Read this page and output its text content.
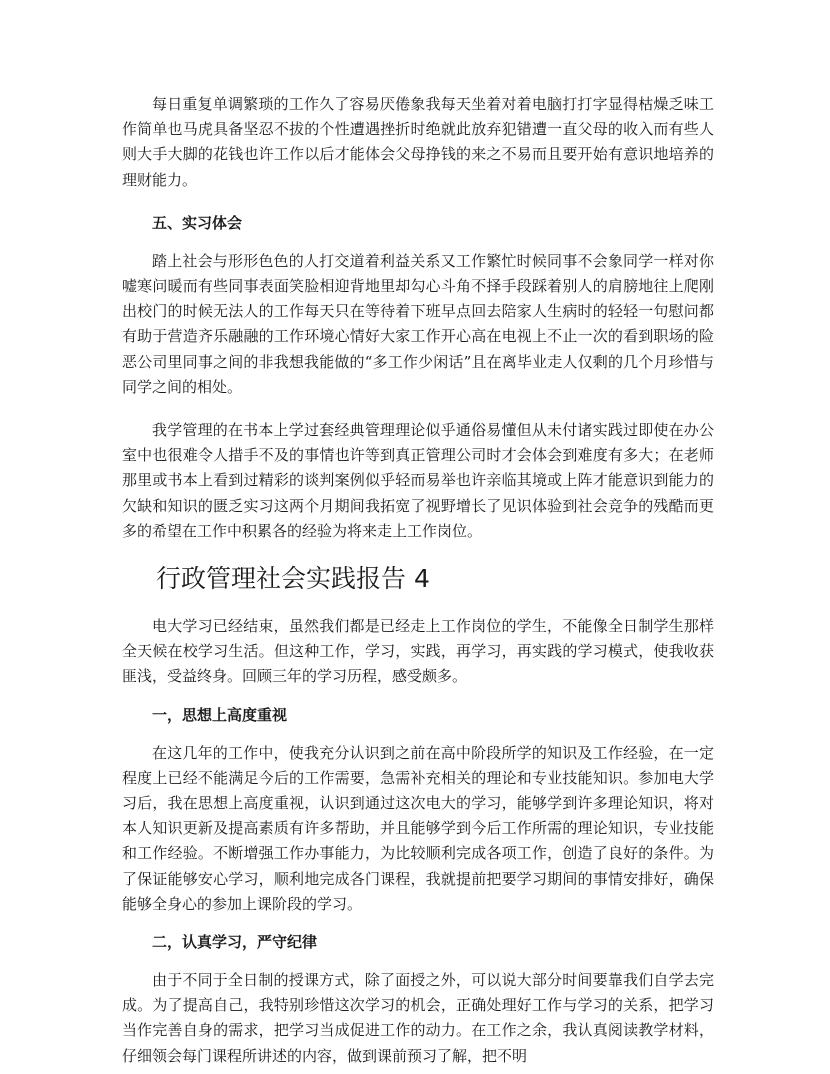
每日重复单调繁琐的工作久了容易厌倦象我每天坐着对着电脑打打字显得枯燥乏味工作简单也马虎具备坚忍不拔的个性遭遇挫折时绝就此放弃犯错遭一直父母的收入而有些人则大手大脚的花钱也许工作以后才能体会父母挣钱的来之不易而且要开始有意识地培养的理财能力。

五、实习体会

踏上社会与形形色色的人打交道着利益关系又工作繁忙时候同事不会象同学一样对你嘘寒问暖而有些同事表面笑脸相迎背地里却勾心斗角不择手段踩着别人的肩膀地往上爬刚出校门的时候无法人的工作每天只在等待着下班早点回去陪家人生病时的轻轻一句慰问都有助于营造齐乐融融的工作环境心情好大家工作开心高在电视上不止一次的看到职场的险恶公司里同事之间的非我想我能做的“多工作少闲话”且在离毕业走人仅剩的几个月珍惜与同学之间的相处。

我学管理的在书本上学过套经典管理理论似乎通俗易懂但从未付诸实践过即使在办公室中也很难令人措手不及的事情也许等到真正管理公司时才会体会到难度有多大；在老师那里或书本上看到过精彩的谈判案例似乎轻而易举也许亲临其境或上阵才能意识到能力的欠缺和知识的匮乏实习这两个月期间我拓宽了视野增长了见识体验到社会竞争的残酷而更多的希望在工作中积累各的经验为将来走上工作岗位。

行政管理社会实践报告 4

电大学习已经结束，虽然我们都是已经走上工作岗位的学生，不能像全日制学生那样全天候在校学习生活。但这种工作，学习，实践，再学习，再实践的学习模式，使我收获匪浅，受益终身。回顾三年的学习历程，感受颇多。

一，思想上高度重视

在这几年的工作中，使我充分认识到之前在高中阶段所学的知识及工作经验，在一定程度上已经不能满足今后的工作需要，急需补充相关的理论和专业技能知识。参加电大学习后，我在思想上高度重视，认识到通过这次电大的学习，能够学到许多理论知识，将对本人知识更新及提高素质有许多帮助，并且能够学到今后工作所需的理论知识，专业技能和工作经验。不断增强工作办事能力，为比较顺利完成各项工作，创造了良好的条件。为了保证能够安心学习，顺利地完成各门课程，我就提前把要学习期间的事情安排好，确保能够全身心的参加上课阶段的学习。

二，认真学习，严守纪律

由于不同于全日制的授课方式，除了面授之外，可以说大部分时间要靠我们自学去完成。为了提高自己，我特别珍惜这次学习的机会，正确处理好工作与学习的关系，把学习当作完善自身的需求，把学习当成促进工作的动力。在工作之余，我认真阅读教学材料，仔细领会每门课程所讲述的内容，做到课前预习了解，把不明
